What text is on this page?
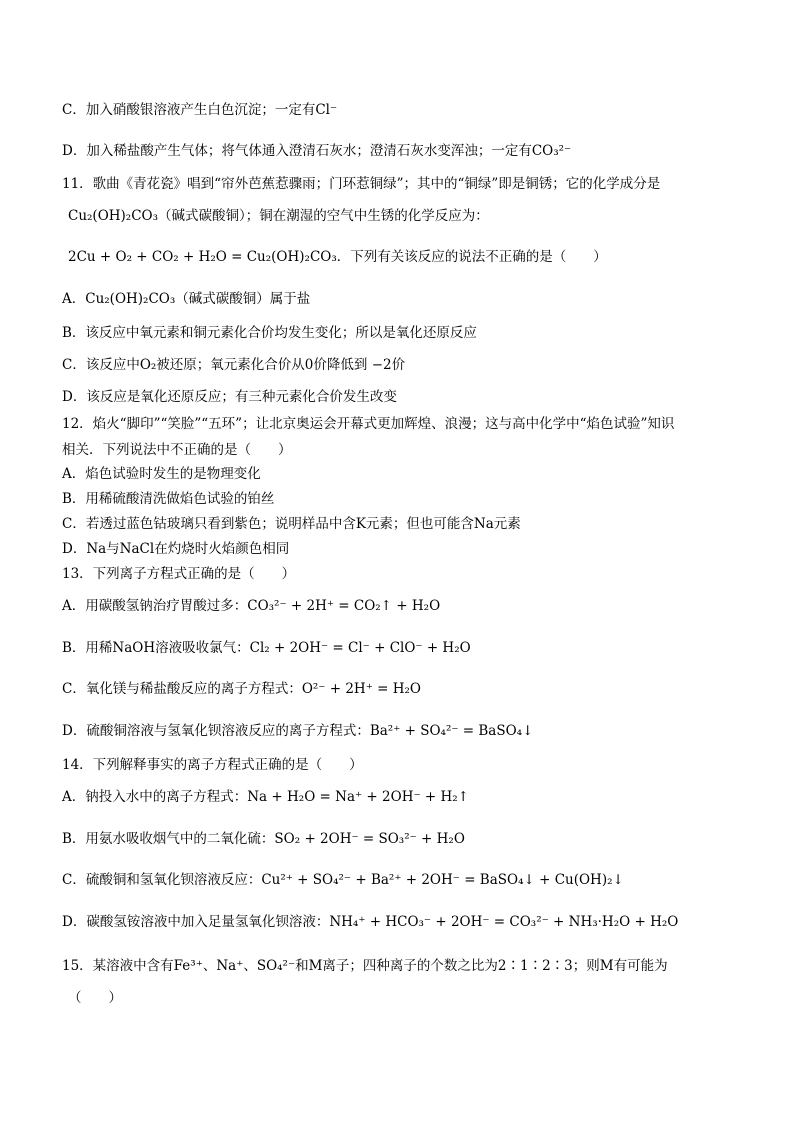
C．加入硝酸银溶液产生白色沉淀；一定有Cl⁻
D．加入稀盐酸产生气体；将气体通入澄清石灰水；澄清石灰水变浑浊；一定有CO₃²⁻
11．歌曲《青花瓷》唱到“帘外芭蕉惹骤雨；门环惹铜绿”；其中的“铜绿”即是铜锈；它的化学成分是
Cu₂(OH)₂CO₃（碱式碳酸铜）；铜在潮湿的空气中生锈的化学反应为：
2Cu + O₂ + CO₂ + H₂O = Cu₂(OH)₂CO₃．下列有关该反应的说法不正确的是（　　）
A．Cu₂(OH)₂CO₃（碱式碳酸铜）属于盐
B．该反应中氧元素和铜元素化合价均发生变化；所以是氧化还原反应
C．该反应中O₂被还原；氧元素化合价从0价降低到 −2价
D．该反应是氧化还原反应；有三种元素化合价发生改变
12．焰火“脚印”“笑脸”“五环”；让北京奥运会开幕式更加辉煌、浪漫；这与高中化学中“焰色试验”知识
相关．下列说法中不正确的是（　　）
A．焰色试验时发生的是物理变化
B．用稀硫酸清洗做焰色试验的铂丝
C．若透过蓝色钴玻璃只看到紫色；说明样品中含K元素；但也可能含Na元素
D．Na与NaCl在灼烧时火焰颜色相同
13．下列离子方程式正确的是（　　）
A．用碳酸氢钠治疗胃酸过多：CO₃²⁻ + 2H⁺ = CO₂↑ + H₂O
B．用稀NaOH溶液吸收氯气：Cl₂ + 2OH⁻ = Cl⁻ + ClO⁻ + H₂O
C．氧化镁与稀盐酸反应的离子方程式：O²⁻ + 2H⁺ = H₂O
D．硫酸铜溶液与氢氧化钡溶液反应的离子方程式：Ba²⁺ + SO₄²⁻ = BaSO₄↓
14．下列解释事实的离子方程式正确的是（　　）
A．钠投入水中的离子方程式：Na + H₂O = Na⁺ + 2OH⁻ + H₂↑
B．用氨水吸收烟气中的二氧化硫：SO₂ + 2OH⁻ = SO₃²⁻ + H₂O
C．硫酸铜和氢氧化钡溶液反应：Cu²⁺ + SO₄²⁻ + Ba²⁺ + 2OH⁻ = BaSO₄↓ + Cu(OH)₂↓
D．碳酸氢铵溶液中加入足量氢氧化钡溶液：NH₄⁺ + HCO₃⁻ + 2OH⁻ = CO₃²⁻ + NH₃·H₂O + H₂O
15．某溶液中含有Fe³⁺、Na⁺、SO₄²⁻和M离子；四种离子的个数之比为2∶1∶2∶3；则M有可能为
（　　）
